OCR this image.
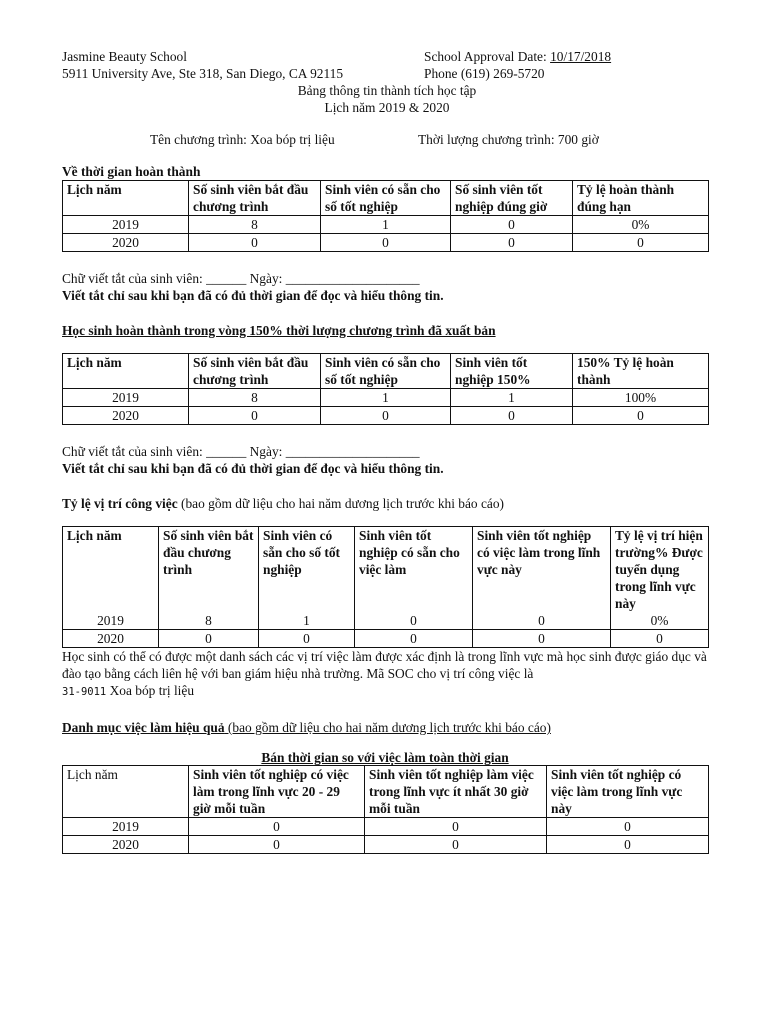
Jasmine Beauty School	School Approval Date: 10/17/2018
5911 University Ave, Ste 318, San Diego, CA 92115	Phone (619) 269-5720
Bảng thông tin thành tích học tập
Lịch năm 2019 & 2020
Tên chương trình: Xoa bóp trị liệu	Thời lượng chương trình: 700 giờ
Về thời gian hoàn thành
Lịch năm	Số sinh viên bắt đầu chương trình	Sinh viên có sẵn cho số tốt nghiệp	Số sinh viên tốt nghiệp đúng giờ	Tỷ lệ hoàn thành đúng hạn
2019	8	1	0	0%
2020	0	0	0	0
Chữ viết tắt của sinh viên: ______ Ngày: ____________________
Viết tắt chỉ sau khi bạn đã có đủ thời gian để đọc và hiểu thông tin.
Học sinh hoàn thành trong vòng 150% thời lượng chương trình đã xuất bản
Lịch năm	Số sinh viên bắt đầu chương trình	Sinh viên có sẵn cho số tốt nghiệp	Sinh viên tốt nghiệp 150%	150% Tỷ lệ hoàn thành
2019	8	1	1	100%
2020	0	0	0	0
Chữ viết tắt của sinh viên: ______ Ngày: ____________________
Viết tắt chỉ sau khi bạn đã có đủ thời gian để đọc và hiểu thông tin.
Tỷ lệ vị trí công việc (bao gồm dữ liệu cho hai năm dương lịch trước khi báo cáo)
Lịch năm	Số sinh viên bắt đầu chương trình	Sinh viên có sẵn cho số tốt nghiệp	Sinh viên tốt nghiệp có sẵn cho việc làm	Sinh viên tốt nghiệp có việc làm trong lĩnh vực này	Tỷ lệ vị trí hiện trường% Được tuyển dụng trong lĩnh vực này
2019	8	1	0	0	0%
2020	0	0	0	0	0
Học sinh có thể có được một danh sách các vị trí việc làm được xác định là trong lĩnh vực mà học sinh được giáo dục và đào tạo bằng cách liên hệ với ban giám hiệu nhà trường. Mã SOC cho vị trí công việc là
31-9011 Xoa bóp trị liệu
Danh mục việc làm hiệu quả (bao gồm dữ liệu cho hai năm dương lịch trước khi báo cáo)
Bán thời gian so với việc làm toàn thời gian
Lịch năm	Sinh viên tốt nghiệp có việc làm trong lĩnh vực 20 - 29 giờ mỗi tuần	Sinh viên tốt nghiệp làm việc trong lĩnh vực ít nhất 30 giờ mỗi tuần	Sinh viên tốt nghiệp có việc làm trong lĩnh vực này
2019	0	0	0
2020	0	0	0
